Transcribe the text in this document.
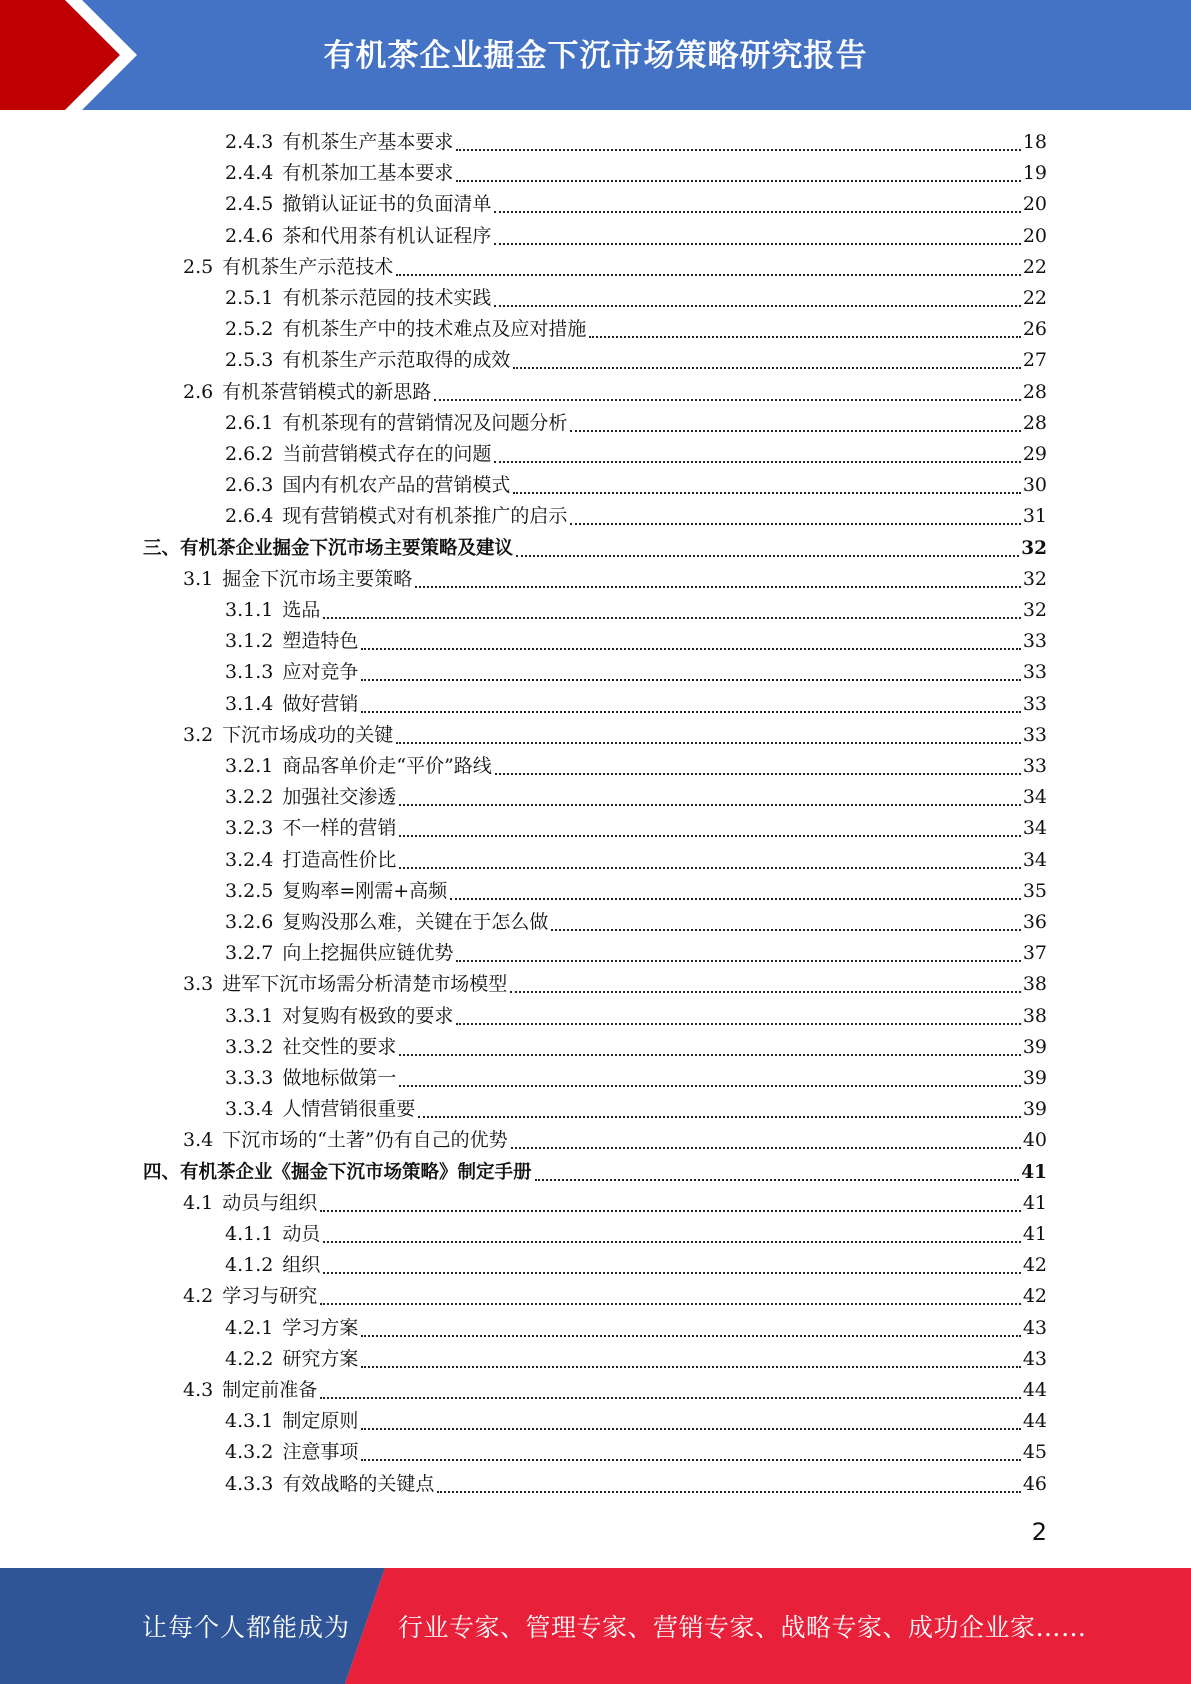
有机茶企业掘金下沉市场策略研究报告
2.4.3 有机茶生产基本要求	18
2.4.4 有机茶加工基本要求	19
2.4.5 撤销认证证书的负面清单	20
2.4.6 茶和代用茶有机认证程序	20
2.5 有机茶生产示范技术	22
2.5.1 有机茶示范园的技术实践	22
2.5.2 有机茶生产中的技术难点及应对措施	26
2.5.3 有机茶生产示范取得的成效	27
2.6 有机茶营销模式的新思路	28
2.6.1 有机茶现有的营销情况及问题分析	28
2.6.2 当前营销模式存在的问题	29
2.6.3 国内有机农产品的营销模式	30
2.6.4 现有营销模式对有机茶推广的启示	31
三、有机茶企业掘金下沉市场主要策略及建议	32
3.1 掘金下沉市场主要策略	32
3.1.1 选品	32
3.1.2 塑造特色	33
3.1.3 应对竞争	33
3.1.4 做好营销	33
3.2 下沉市场成功的关键	33
3.2.1 商品客单价走“平价”路线	33
3.2.2 加强社交渗透	34
3.2.3 不一样的营销	34
3.2.4 打造高性价比	34
3.2.5 复购率=刚需+高频	35
3.2.6 复购没那么难，关键在于怎么做	36
3.2.7 向上挖掘供应链优势	37
3.3 进军下沉市场需分析清楚市场模型	38
3.3.1 对复购有极致的要求	38
3.3.2 社交性的要求	39
3.3.3 做地标做第一	39
3.3.4 人情营销很重要	39
3.4 下沉市场的“土著”仍有自己的优势	40
四、有机茶企业《掘金下沉市场策略》制定手册	41
4.1 动员与组织	41
4.1.1 动员	41
4.1.2 组织	42
4.2 学习与研究	42
4.2.1 学习方案	43
4.2.2 研究方案	43
4.3 制定前准备	44
4.3.1 制定原则	44
4.3.2 注意事项	45
4.3.3 有效战略的关键点	46
2
让每个人都能成为 行业专家、管理专家、营销专家、战略专家、成功企业家……
